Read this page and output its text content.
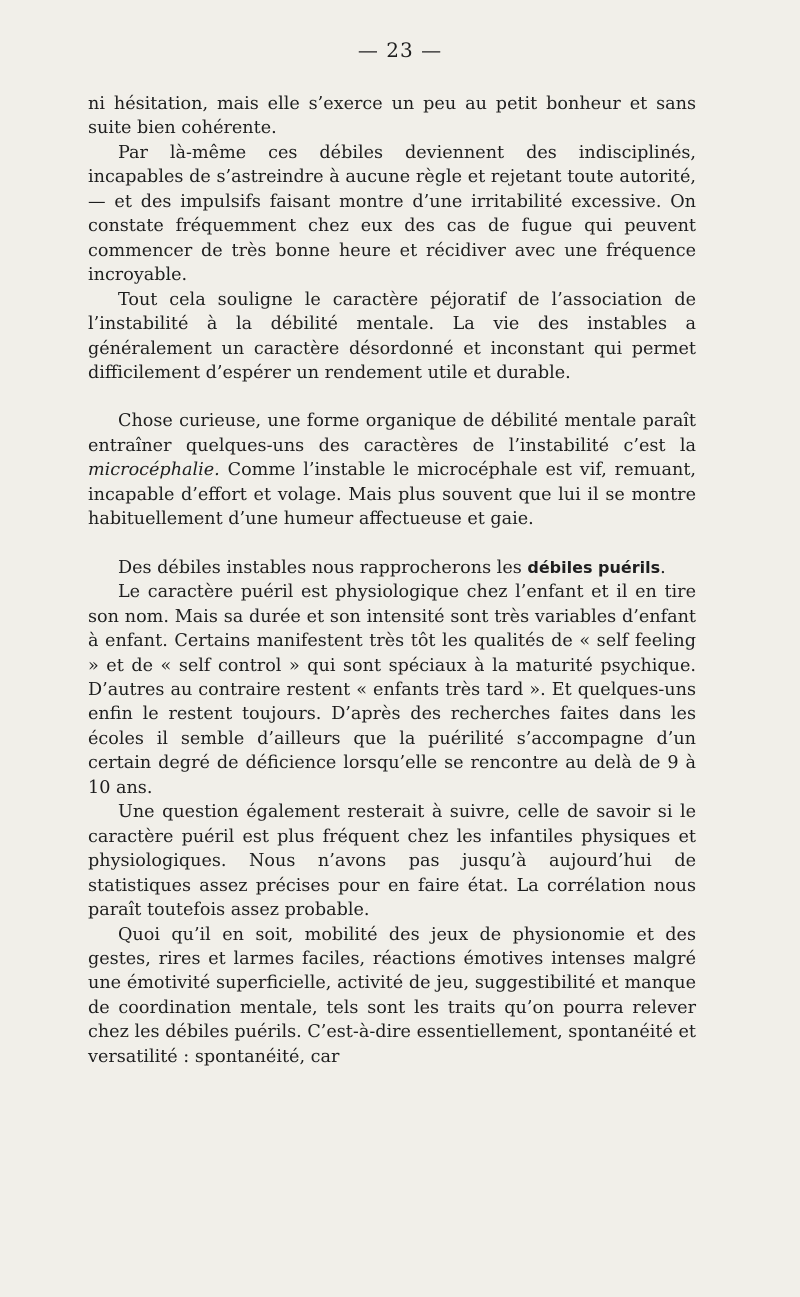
— 23 —

ni hésitation, mais elle s’exerce un peu au petit bonheur et sans suite bien cohérente.

Par là-même ces débiles deviennent des indisciplinés, incapables de s’astreindre à aucune règle et rejetant toute autorité, — et des impulsifs faisant montre d’une irritabilité excessive. On constate fréquemment chez eux des cas de fugue qui peuvent commencer de très bonne heure et récidiver avec une fréquence incroyable.

Tout cela souligne le caractère péjoratif de l’association de l’instabilité à la débilité mentale. La vie des instables a généralement un caractère désordonné et inconstant qui permet difficilement d’espérer un rendement utile et durable.

Chose curieuse, une forme organique de débilité mentale paraît entraîner quelques-uns des caractères de l’instabilité c’est la microcéphalie. Comme l’instable le microcéphale est vif, remuant, incapable d’effort et volage. Mais plus souvent que lui il se montre habituellement d’une humeur affectueuse et gaie.

Des débiles instables nous rapprocherons les débiles puérils.

Le caractère puéril est physiologique chez l’enfant et il en tire son nom. Mais sa durée et son intensité sont très variables d’enfant à enfant. Certains manifestent très tôt les qualités de « self feeling » et de « self control » qui sont spéciaux à la maturité psychique. D’autres au contraire restent « enfants très tard ». Et quelques-uns enfin le restent toujours. D’après des recherches faites dans les écoles il semble d’ailleurs que la puérilité s’accompagne d’un certain degré de déficience lorsqu’elle se rencontre au delà de 9 à 10 ans.

Une question également resterait à suivre, celle de savoir si le caractère puéril est plus fréquent chez les infantiles physiques et physiologiques. Nous n’avons pas jusqu’à aujourd’hui de statistiques assez précises pour en faire état. La corrélation nous paraît toutefois assez probable.

Quoi qu’il en soit, mobilité des jeux de physionomie et des gestes, rires et larmes faciles, réactions émotives intenses malgré une émotivité superficielle, activité de jeu, suggestibilité et manque de coordination mentale, tels sont les traits qu’on pourra relever chez les débiles puérils. C’est-à-dire essentiellement, spontanéité et versatilité : spontanéité, car
